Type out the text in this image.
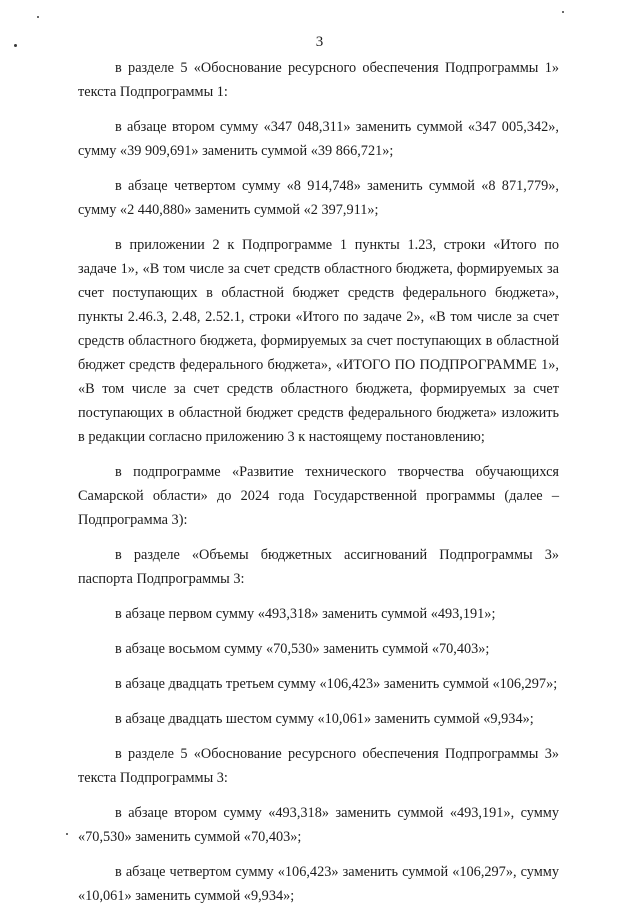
3

в разделе 5 «Обоснование ресурсного обеспечения Подпрограммы 1» текста Подпрограммы 1:

в абзаце втором сумму «347 048,311» заменить суммой «347 005,342», сумму «39 909,691» заменить суммой «39 866,721»;

в абзаце четвертом сумму «8 914,748» заменить суммой «8 871,779», сумму «2 440,880» заменить суммой «2 397,911»;

в приложении 2 к Подпрограмме 1 пункты 1.23, строки «Итого по задаче 1», «В том числе за счет средств областного бюджета, формируемых за счет поступающих в областной бюджет средств федерального бюджета», пункты 2.46.3, 2.48, 2.52.1, строки «Итого по задаче 2», «В том числе за счет средств областного бюджета, формируемых за счет поступающих в областной бюджет средств федерального бюджета», «ИТОГО ПО ПОДПРОГРАММЕ 1», «В том числе за счет средств областного бюджета, формируемых за счет поступающих в областной бюджет средств федерального бюджета» изложить в редакции согласно приложению 3 к настоящему постановлению;

в подпрограмме «Развитие технического творчества обучающихся Самарской области» до 2024 года Государственной программы (далее – Подпрограмма 3):

в разделе «Объемы бюджетных ассигнований Подпрограммы 3» паспорта Подпрограммы 3:

в абзаце первом сумму «493,318» заменить суммой «493,191»;

в абзаце восьмом сумму «70,530» заменить суммой «70,403»;

в абзаце двадцать третьем сумму «106,423» заменить суммой «106,297»;

в абзаце двадцать шестом сумму «10,061» заменить суммой «9,934»;

в разделе 5 «Обоснование ресурсного обеспечения Подпрограммы 3» текста Подпрограммы 3:

в абзаце втором сумму «493,318» заменить суммой «493,191», сумму «70,530» заменить суммой «70,403»;

в абзаце четвертом сумму «106,423» заменить суммой «106,297», сумму «10,061» заменить суммой «9,934»;
